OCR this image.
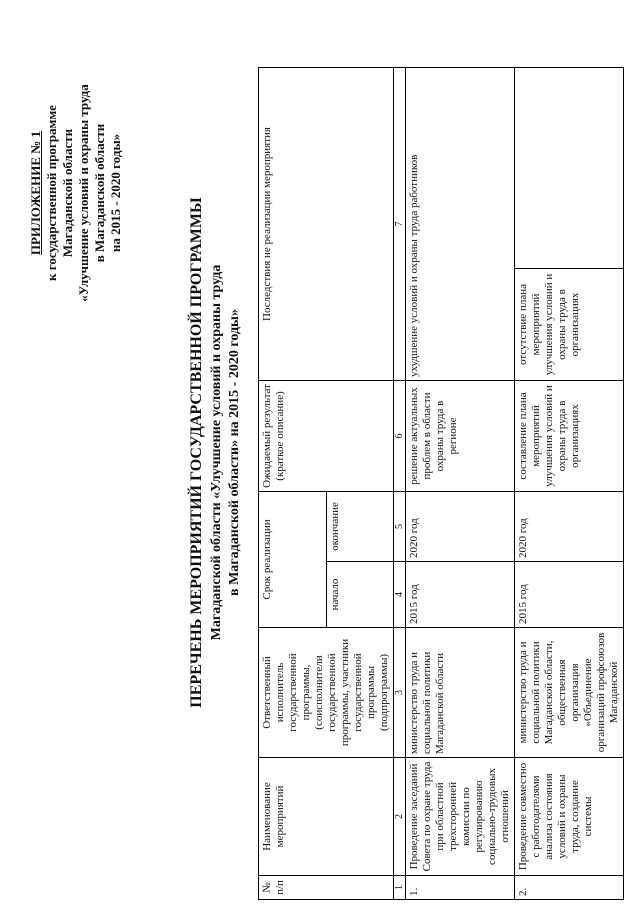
ПРИЛОЖЕНИЕ № 1 к государственной программе Магаданской области «Улучшение условий и охраны труда в Магаданской области на 2015 - 2020 годы»
ПЕРЕЧЕНЬ МЕРОПРИЯТИЙ ГОСУДАРСТВЕННОЙ ПРОГРАММЫ Магаданской области «Улучшение условий и охраны труда в Магаданской области» на 2015 - 2020 годы»
№ п/п	Наименование мероприятий	Ответственный исполнитель государственной программы, (соисполнители государственной программы, участники государственной программы (подпрограммы)	Срок реализации		Ожидаемый результат (краткое описание)	Последствия не реализации мероприятия	
			начало	окончание			
1	2	3	4	5	6	7	
1.	Проведение заседаний Совета по охране труда при областной трехсторонней комиссии по регулированию социально-трудовых отношений	министерство труда и социальной политики Магаданской области	2015 год	2020 год	решение актуальных проблем в области охраны труда в регионе	ухудшение условий и охраны труда работников	
2.	Проведение совместно с работодателями анализа состояния условий и охраны труда, создание системы	министерство труда и социальной политики Магаданской области, общественная организация «Объединение организаций профсоюзов Магаданской	2015 год	2020 год	составление плана мероприятий улучшения условий и охраны труда в организациях	отсутствие плана мероприятий улучшения условий и охраны труда в организациях	
